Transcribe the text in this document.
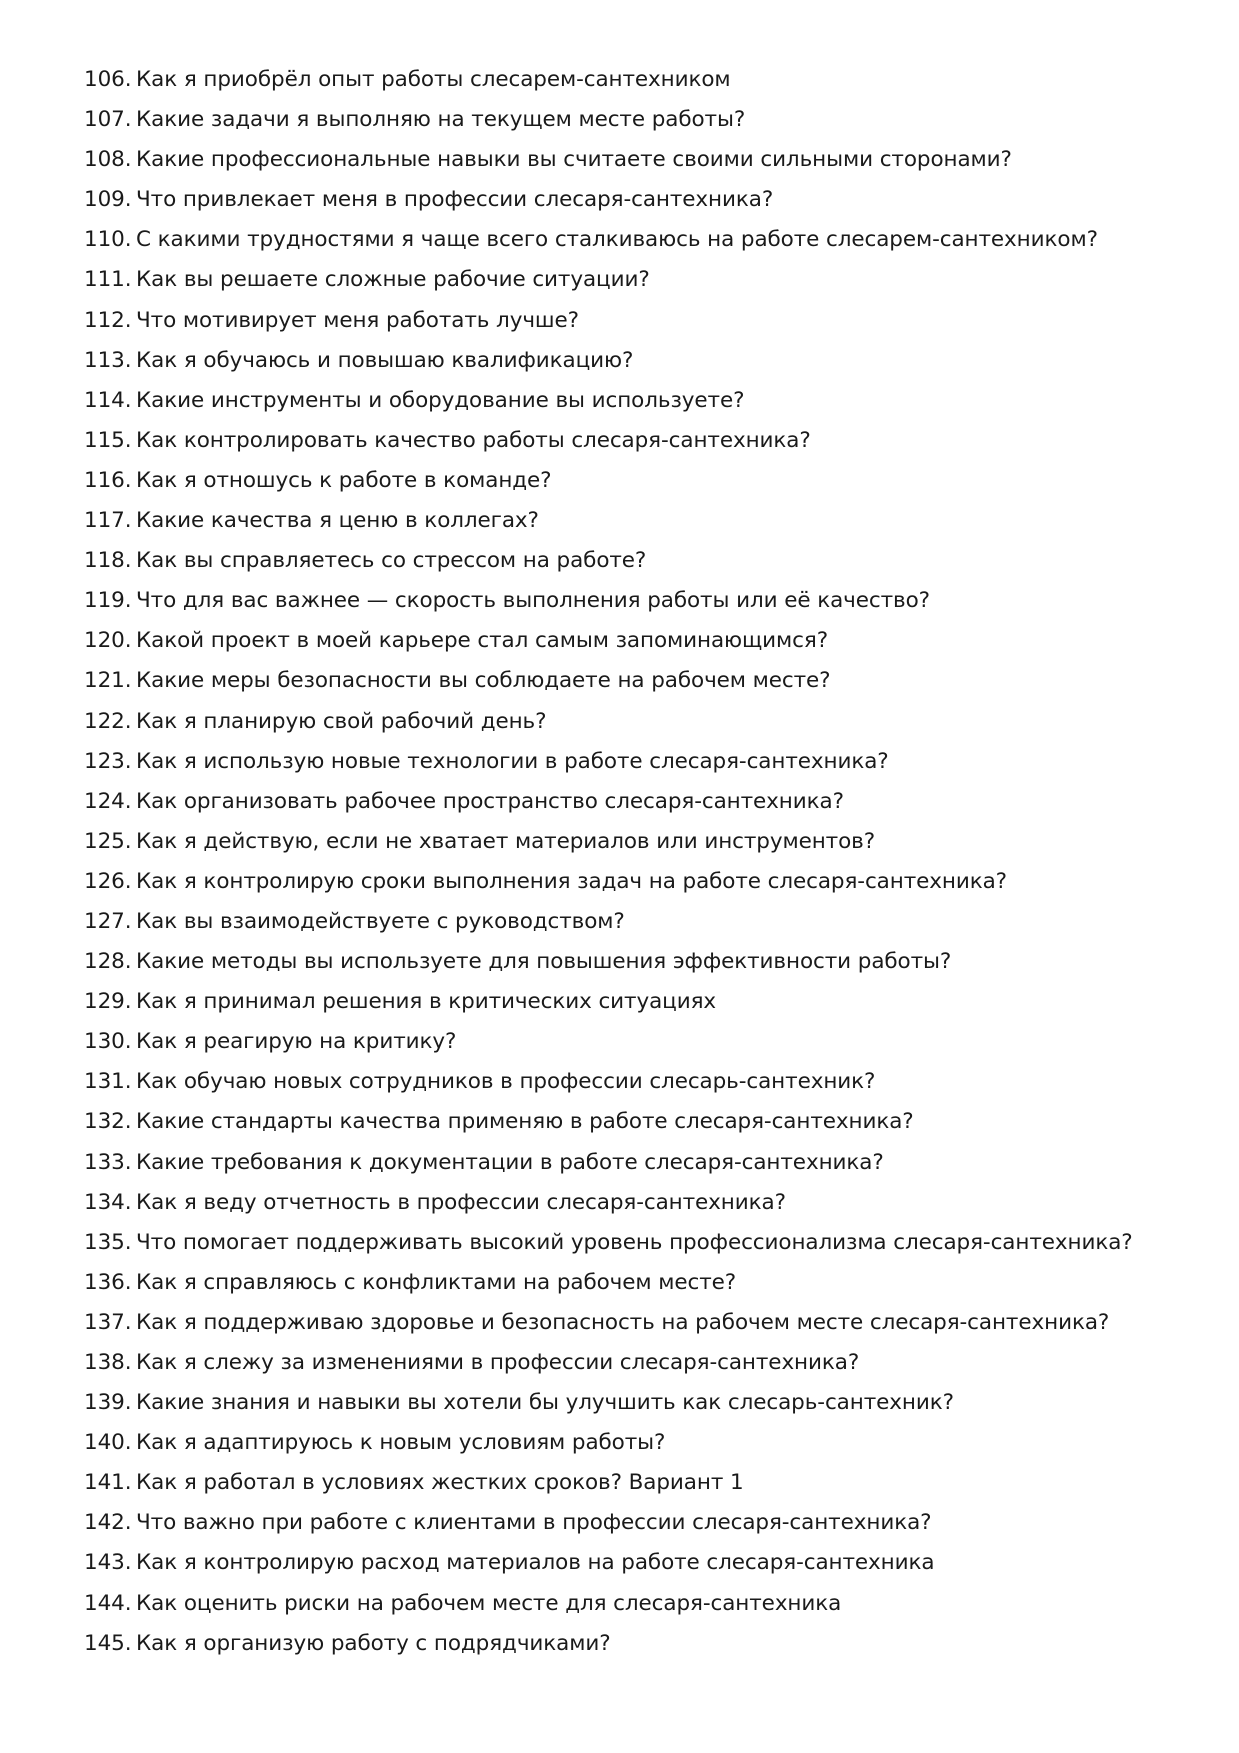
106. Как я приобрёл опыт работы слесарем-сантехником
107. Какие задачи я выполняю на текущем месте работы?
108. Какие профессиональные навыки вы считаете своими сильными сторонами?
109. Что привлекает меня в профессии слесаря-сантехника?
110. С какими трудностями я чаще всего сталкиваюсь на работе слесарем-сантехником?
111. Как вы решаете сложные рабочие ситуации?
112. Что мотивирует меня работать лучше?
113. Как я обучаюсь и повышаю квалификацию?
114. Какие инструменты и оборудование вы используете?
115. Как контролировать качество работы слесаря-сантехника?
116. Как я отношусь к работе в команде?
117. Какие качества я ценю в коллегах?
118. Как вы справляетесь со стрессом на работе?
119. Что для вас важнее — скорость выполнения работы или её качество?
120. Какой проект в моей карьере стал самым запоминающимся?
121. Какие меры безопасности вы соблюдаете на рабочем месте?
122. Как я планирую свой рабочий день?
123. Как я использую новые технологии в работе слесаря-сантехника?
124. Как организовать рабочее пространство слесаря-сантехника?
125. Как я действую, если не хватает материалов или инструментов?
126. Как я контролирую сроки выполнения задач на работе слесаря-сантехника?
127. Как вы взаимодействуете с руководством?
128. Какие методы вы используете для повышения эффективности работы?
129. Как я принимал решения в критических ситуациях
130. Как я реагирую на критику?
131. Как обучаю новых сотрудников в профессии слесарь-сантехник?
132. Какие стандарты качества применяю в работе слесаря-сантехника?
133. Какие требования к документации в работе слесаря-сантехника?
134. Как я веду отчетность в профессии слесаря-сантехника?
135. Что помогает поддерживать высокий уровень профессионализма слесаря-сантехника?
136. Как я справляюсь с конфликтами на рабочем месте?
137. Как я поддерживаю здоровье и безопасность на рабочем месте слесаря-сантехника?
138. Как я слежу за изменениями в профессии слесаря-сантехника?
139. Какие знания и навыки вы хотели бы улучшить как слесарь-сантехник?
140. Как я адаптируюсь к новым условиям работы?
141. Как я работал в условиях жестких сроков? Вариант 1
142. Что важно при работе с клиентами в профессии слесаря-сантехника?
143. Как я контролирую расход материалов на работе слесаря-сантехника
144. Как оценить риски на рабочем месте для слесаря-сантехника
145. Как я организую работу с подрядчиками?
